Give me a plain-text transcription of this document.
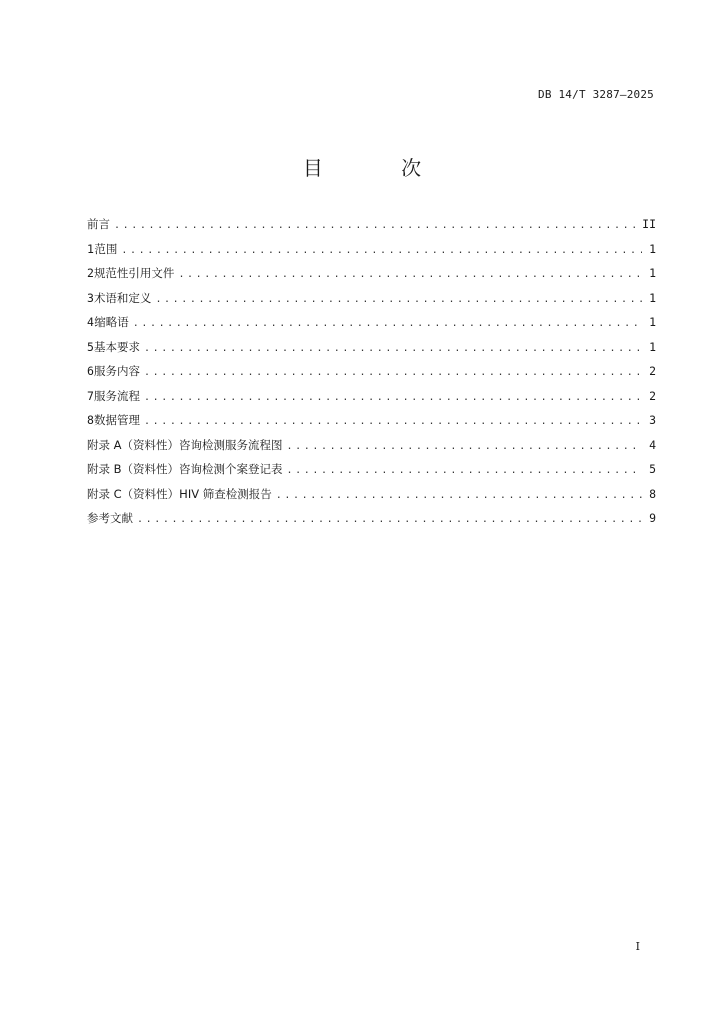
DB 14/T 3287—2025
目 次
前言 .....	II
1 范围 .....	1
2 规范性引用文件 .....	1
3 术语和定义 .....	1
4 缩略语 .....	1
5 基本要求 .....	1
6 服务内容 .....	2
7 服务流程 .....	2
8 数据管理 .....	3
附录 A（资料性）咨询检测服务流程图 .....	4
附录 B（资料性）咨询检测个案登记表 .....	5
附录 C（资料性）HIV 筛查检测报告 .....	8
参考文献 .....	9
I
